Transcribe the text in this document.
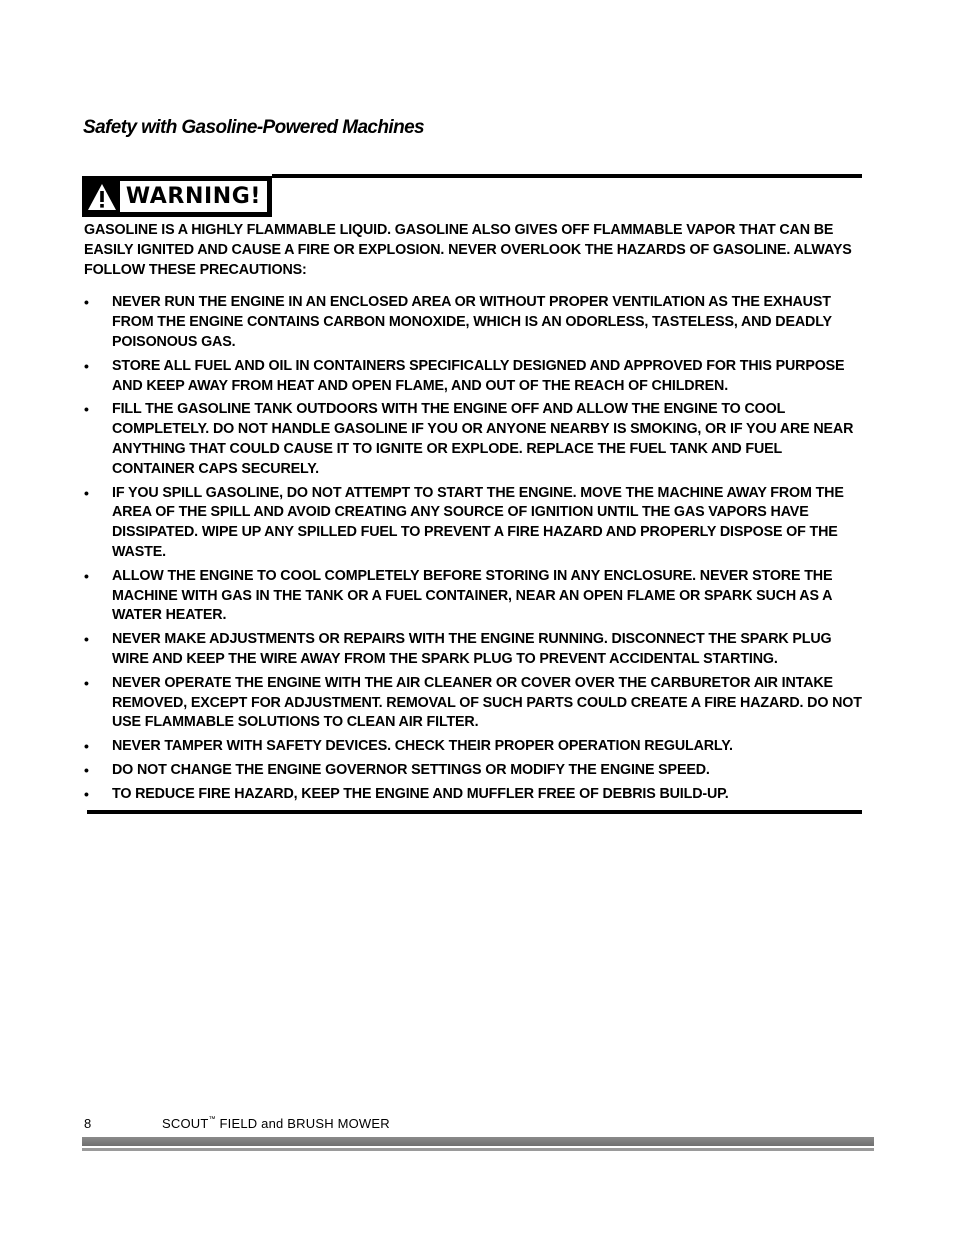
Safety with Gasoline-Powered Machines
WARNING!

GASOLINE IS A HIGHLY FLAMMABLE LIQUID. GASOLINE ALSO GIVES OFF FLAMMABLE VAPOR THAT CAN BE EASILY IGNITED AND CAUSE A FIRE OR EXPLOSION. NEVER OVERLOOK THE HAZARDS OF GASOLINE. ALWAYS FOLLOW THESE PRECAUTIONS:

•	NEVER RUN THE ENGINE IN AN ENCLOSED AREA OR WITHOUT PROPER VENTILATION AS THE EXHAUST FROM THE ENGINE CONTAINS CARBON MONOXIDE, WHICH IS AN ODORLESS, TASTELESS, AND DEADLY POISONOUS GAS.
•	STORE ALL FUEL AND OIL IN CONTAINERS SPECIFICALLY DESIGNED AND APPROVED FOR THIS PURPOSE AND KEEP AWAY FROM HEAT AND OPEN FLAME, AND OUT OF THE REACH OF CHILDREN.
•	FILL THE GASOLINE TANK OUTDOORS WITH THE ENGINE OFF AND ALLOW THE ENGINE TO COOL COMPLETELY. DO NOT HANDLE GASOLINE IF YOU OR ANYONE NEARBY IS SMOKING, OR IF YOU ARE NEAR ANYTHING THAT COULD CAUSE IT TO IGNITE OR EXPLODE. REPLACE THE FUEL TANK AND FUEL CONTAINER CAPS SECURELY.
•	IF YOU SPILL GASOLINE, DO NOT ATTEMPT TO START THE ENGINE. MOVE THE MACHINE AWAY FROM THE AREA OF THE SPILL AND AVOID CREATING ANY SOURCE OF IGNITION UNTIL THE GAS VAPORS HAVE DISSIPATED. WIPE UP ANY SPILLED FUEL TO PREVENT A FIRE HAZARD AND PROPERLY DISPOSE OF THE WASTE.
•	ALLOW THE ENGINE TO COOL COMPLETELY BEFORE STORING IN ANY ENCLOSURE. NEVER STORE THE MACHINE WITH GAS IN THE TANK OR A FUEL CONTAINER, NEAR AN OPEN FLAME OR SPARK SUCH AS A WATER HEATER.
•	NEVER MAKE ADJUSTMENTS OR REPAIRS WITH THE ENGINE RUNNING. DISCONNECT THE SPARK PLUG WIRE AND KEEP THE WIRE AWAY FROM THE SPARK PLUG TO PREVENT ACCIDENTAL STARTING.
•	NEVER OPERATE THE ENGINE WITH THE AIR CLEANER OR COVER OVER THE CARBURETOR AIR INTAKE REMOVED, EXCEPT FOR ADJUSTMENT. REMOVAL OF SUCH PARTS COULD CREATE A FIRE HAZARD. DO NOT USE FLAMMABLE SOLUTIONS TO CLEAN AIR FILTER.
•	NEVER TAMPER WITH SAFETY DEVICES. CHECK THEIR PROPER OPERATION REGULARLY.
•	DO NOT CHANGE THE ENGINE GOVERNOR SETTINGS OR MODIFY THE ENGINE SPEED.
•	TO REDUCE FIRE HAZARD, KEEP THE ENGINE AND MUFFLER FREE OF DEBRIS BUILD-UP.
8	SCOUT™ FIELD and BRUSH MOWER
